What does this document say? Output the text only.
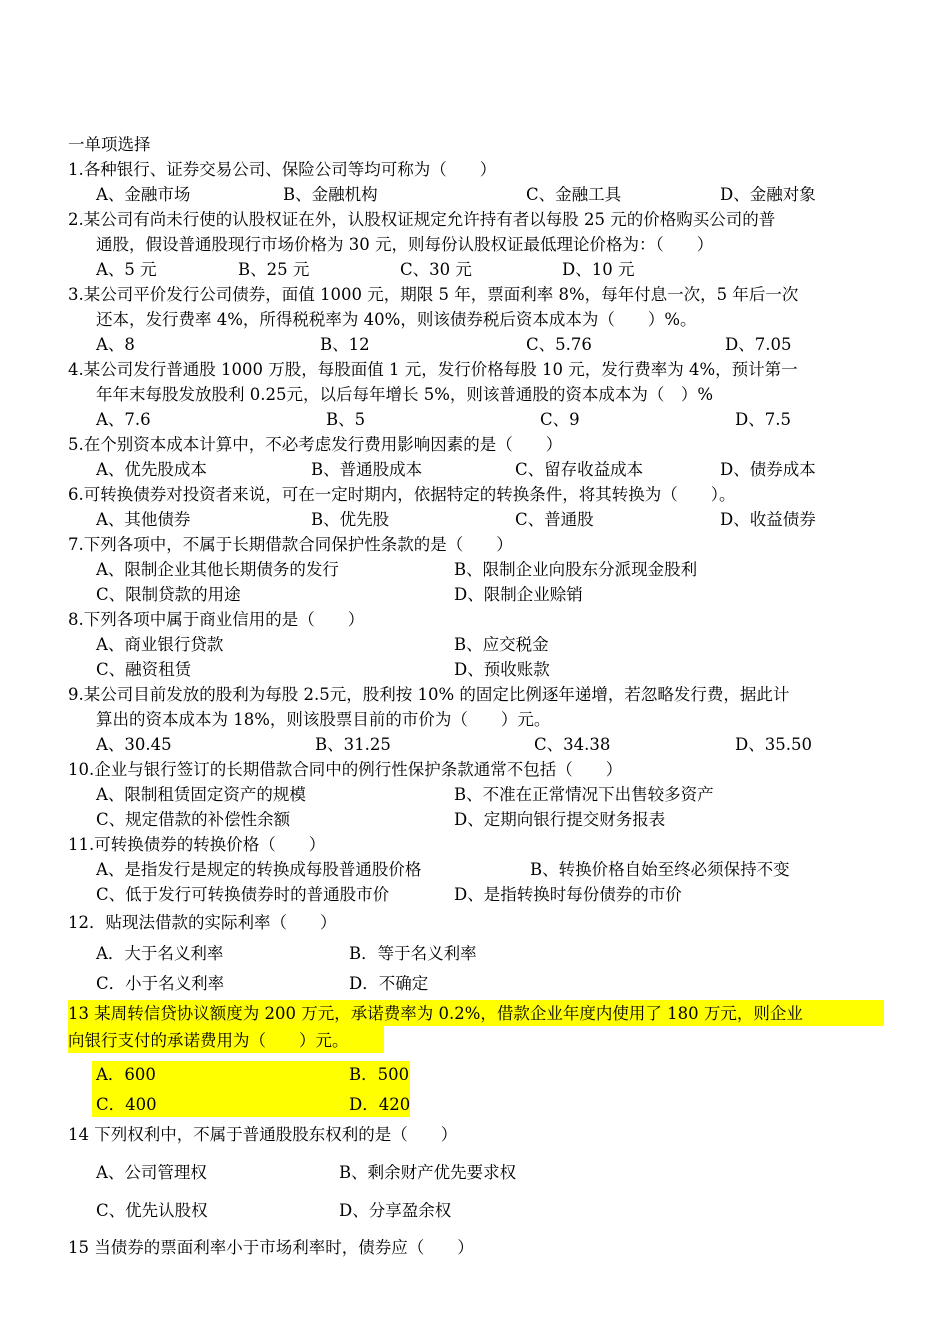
一单项选择
1.各种银行、证券交易公司、保险公司等均可称为（　　）
A、金融市场	B、金融机构	C、金融工具	D、金融对象
2.某公司有尚未行使的认股权证在外，认股权证规定允许持有者以每股 25 元的价格购买公司的普
通股，假设普通股现行市场价格为 30 元，则每份认股权证最低理论价格为：（　　）
A、5 元	B、25 元	C、30 元	D、10 元
3.某公司平价发行公司债券，面值 1000 元，期限 5 年，票面利率 8%，每年付息一次，5 年后一次
还本，发行费率 4%，所得税税率为 40%，则该债券税后资本成本为（　　）%。
A、8	B、12	C、5.76	D、7.05
4.某公司发行普通股 1000 万股，每股面值 1 元，发行价格每股 10 元，发行费率为 4%，预计第一
年年末每股发放股利 0.25元，以后每年增长 5%，则该普通股的资本成本为（　）%
A、7.6	B、5	C、9	D、7.5
5.在个别资本成本计算中，不必考虑发行费用影响因素的是（　　）
A、优先股成本	B、普通股成本	C、留存收益成本	D、债券成本
6.可转换债券对投资者来说，可在一定时期内，依据特定的转换条件，将其转换为（　　）。
A、其他债券	B、优先股	C、普通股	D、收益债券
7.下列各项中，不属于长期借款合同保护性条款的是（　　）
A、限制企业其他长期债务的发行	B、限制企业向股东分派现金股利
C、限制贷款的用途	D、限制企业赊销
8.下列各项中属于商业信用的是（　　）
A、商业银行贷款	B、应交税金
C、融资租赁	D、预收账款
9.某公司目前发放的股利为每股 2.5元，股利按 10% 的固定比例逐年递增，若忽略发行费，据此计
算出的资本成本为 18%，则该股票目前的市价为（　　）元。
A、30.45	B、31.25	C、34.38	D、35.50
10.企业与银行签订的长期借款合同中的例行性保护条款通常不包括（　　）
A、限制租赁固定资产的规模	B、不准在正常情况下出售较多资产
C、规定借款的补偿性余额	D、定期向银行提交财务报表
11.可转换债券的转换价格（　　）
A、是指发行是规定的转换成每股普通股价格	B、转换价格自始至终必须保持不变
C、低于发行可转换债券时的普通股市价	D、是指转换时每份债券的市价
12．贴现法借款的实际利率（　　）
A．大于名义利率	B．等于名义利率
C．小于名义利率	D．不确定
13 某周转信贷协议额度为 200 万元，承诺费率为 0.2%，借款企业年度内使用了 180 万元，则企业
向银行支付的承诺费用为（　　）元。
A．600	B．500
C．400	D．420
14 下列权利中，不属于普通股股东权利的是（　　）
A、公司管理权	B、剩余财产优先要求权
C、优先认股权	D、分享盈余权
15 当债券的票面利率小于市场利率时，债券应（　　）
